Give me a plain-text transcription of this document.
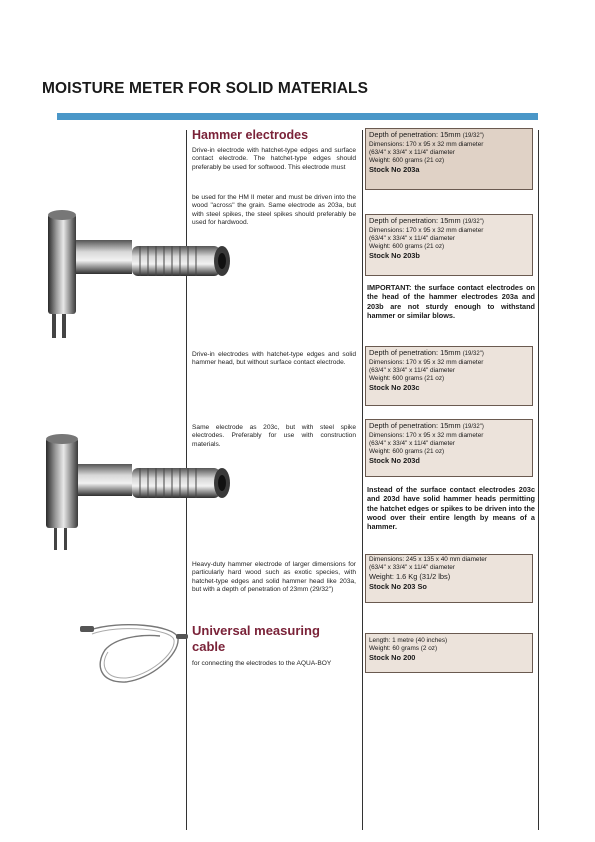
MOISTURE METER FOR SOLID MATERIALS
Hammer electrodes
Drive-in electrode with hatchet-type edges and surface contact electrode. The hatchet-type edges should preferably be used for softwood. This electrode must
be used for the HM II meter and must be driven into the wood "across" the grain. Same electrode as 203a, but with steel spikes, the steel spikes should preferably be used for hardwood.
Drive-in electrodes with hatchet-type edges and solid hammer head, but without surface contact electrode.
Same electrode as 203c, but with steel spike electrodes. Preferably for use with construction materials.
Heavy-duty hammer electrode of larger dimensions for particularly hard wood such as exotic species, with hatchet-type edges and solid hammer head like 203a, but with a depth of penetration of 23mm (29/32")
Universal measuring
cable
for connecting the electrodes to the AQUA-BOY
Depth of penetration: 15mm (19/32")
Dimensions: 170 x 95 x 32 mm diameter
(63/4" x 33/4" x 11/4" diameter
Weight: 600 grams (21 oz)
Stock No 203a
Depth of penetration: 15mm (19/32")
Dimensions: 170 x 95 x 32 mm diameter
(63/4" x 33/4" x 11/4" diameter
Weight: 600 grams (21 oz)
Stock No 203b
IMPORTANT: the surface contact electrodes on the head of the hammer electrodes 203a and 203b are not sturdy enough to withstand hammer or similar blows.
Depth of penetration: 15mm (19/32")
Dimensions: 170 x 95 x 32 mm diameter
(63/4" x 33/4" x 11/4" diameter
Weight: 600 grams (21 oz)
Stock No 203c
Depth of penetration: 15mm (19/32")
Dimensions: 170 x 95 x 32 mm diameter
(63/4" x 33/4" x 11/4" diameter
Weight: 600 grams (21 oz)
Stock No 203d
Instead of the surface contact electrodes 203c and 203d have solid hammer heads permitting the hatchet edges or spikes to be driven into the wood over their entire length by means of a hammer.
Dimensions: 245 x 135 x 40 mm diameter
(63/4" x 33/4" x 11/4" diameter
Weight: 1.6 Kg (31/2 lbs)
Stock No 203 So
Length: 1 metre (40 inches)
Weight: 60 grams (2 oz)
Stock No 200
